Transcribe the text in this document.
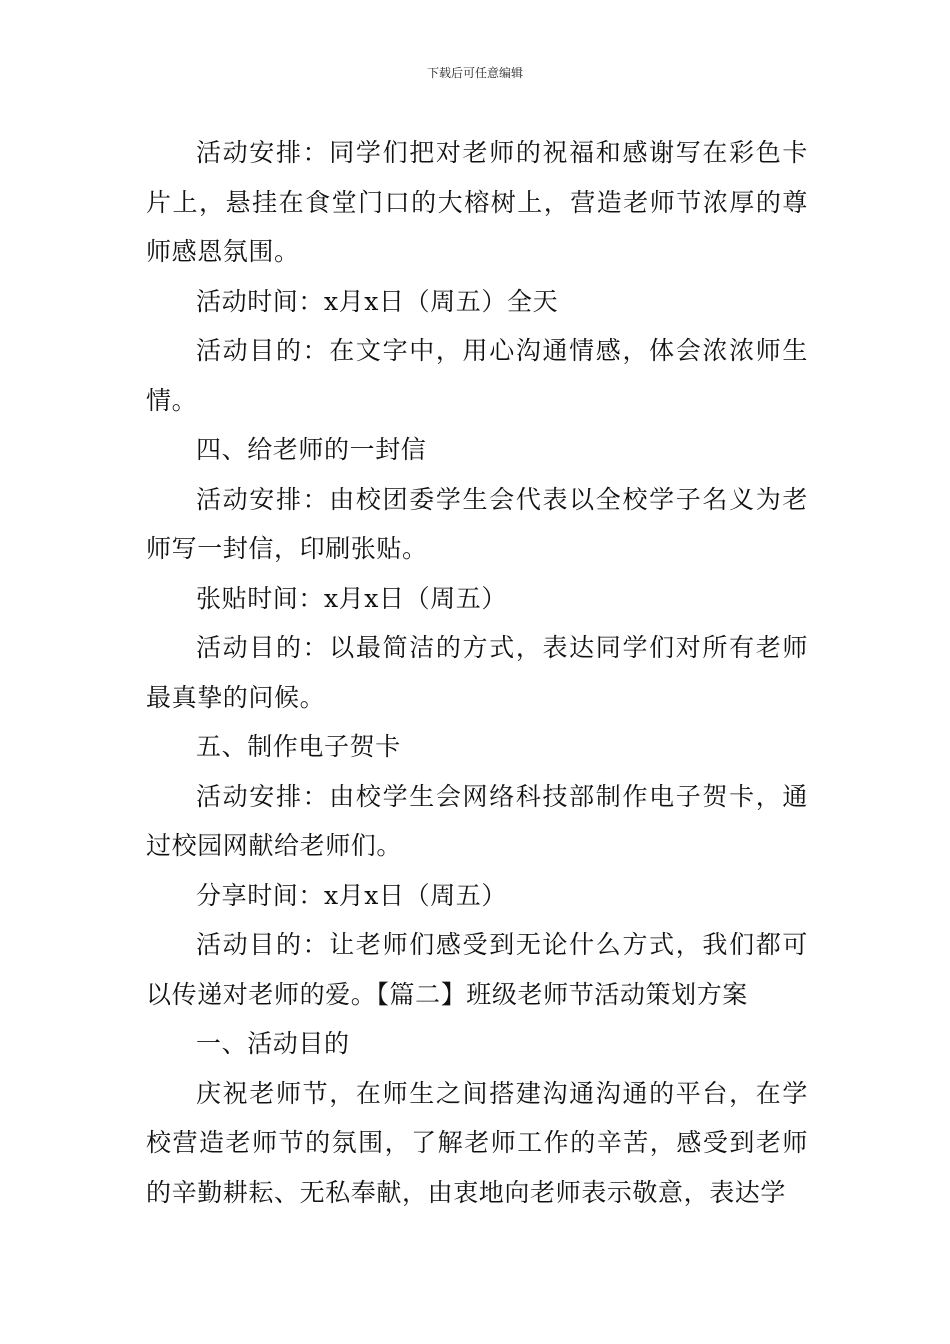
下载后可任意编辑

活动安排：同学们把对老师的祝福和感谢写在彩色卡片上，悬挂在食堂门口的大榕树上，营造老师节浓厚的尊师感恩氛围。

活动时间：x月x日（周五）全天

活动目的：在文字中，用心沟通情感，体会浓浓师生情。

四、给老师的一封信

活动安排：由校团委学生会代表以全校学子名义为老师写一封信，印刷张贴。

张贴时间：x月x日（周五）

活动目的：以最简洁的方式，表达同学们对所有老师最真挚的问候。

五、制作电子贺卡

活动安排：由校学生会网络科技部制作电子贺卡，通过校园网献给老师们。

分享时间：x月x日（周五）

活动目的：让老师们感受到无论什么方式，我们都可以传递对老师的爱。【篇二】班级老师节活动策划方案

一、活动目的

庆祝老师节，在师生之间搭建沟通沟通的平台，在学校营造老师节的氛围，了解老师工作的辛苦，感受到老师的辛勤耕耘、无私奉献，由衷地向老师表示敬意，表达学
